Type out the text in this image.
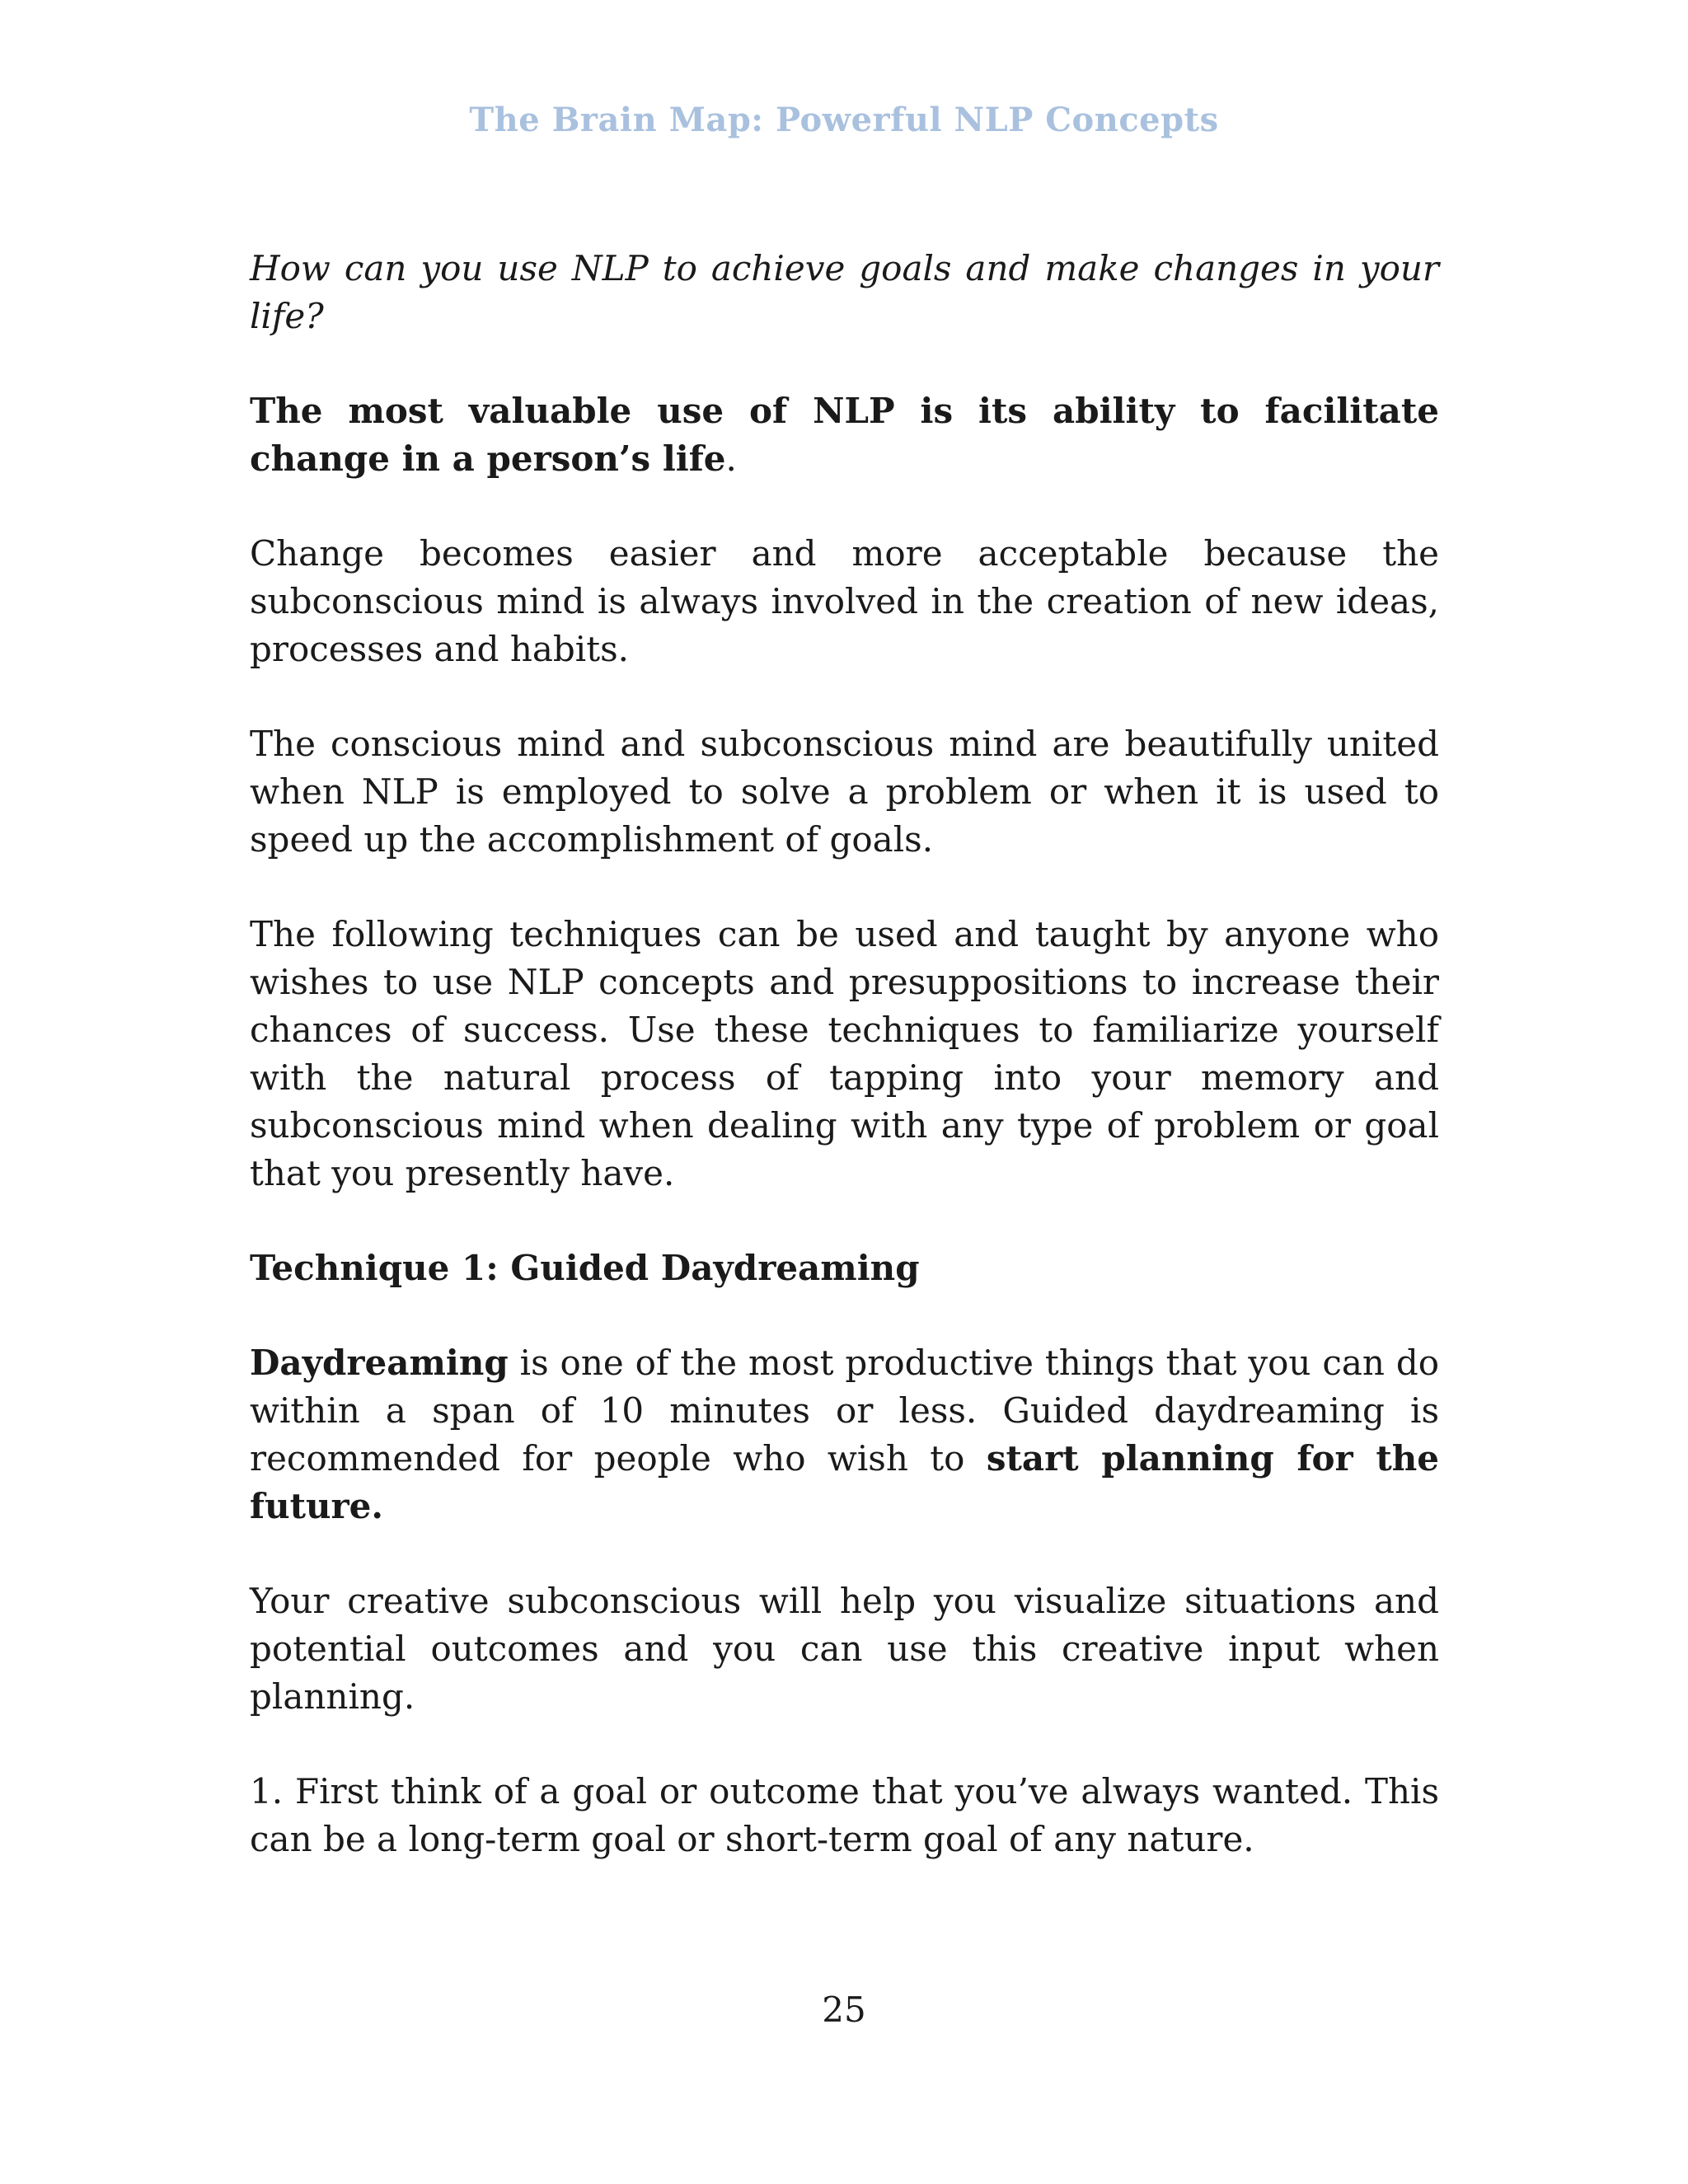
The Brain Map: Powerful NLP Concepts

How can you use NLP to achieve goals and make changes in your life?

The most valuable use of NLP is its ability to facilitate change in a person’s life.

Change becomes easier and more acceptable because the subconscious mind is always involved in the creation of new ideas, processes and habits.

The conscious mind and subconscious mind are beautifully united when NLP is employed to solve a problem or when it is used to speed up the accomplishment of goals.

The following techniques can be used and taught by anyone who wishes to use NLP concepts and presuppositions to increase their chances of success. Use these techniques to familiarize yourself with the natural process of tapping into your memory and subconscious mind when dealing with any type of problem or goal that you presently have.

Technique 1: Guided Daydreaming

Daydreaming is one of the most productive things that you can do within a span of 10 minutes or less. Guided daydreaming is recommended for people who wish to start planning for the future.

Your creative subconscious will help you visualize situations and potential outcomes and you can use this creative input when planning.

1. First think of a goal or outcome that you’ve always wanted. This can be a long-term goal or short-term goal of any nature.

25
